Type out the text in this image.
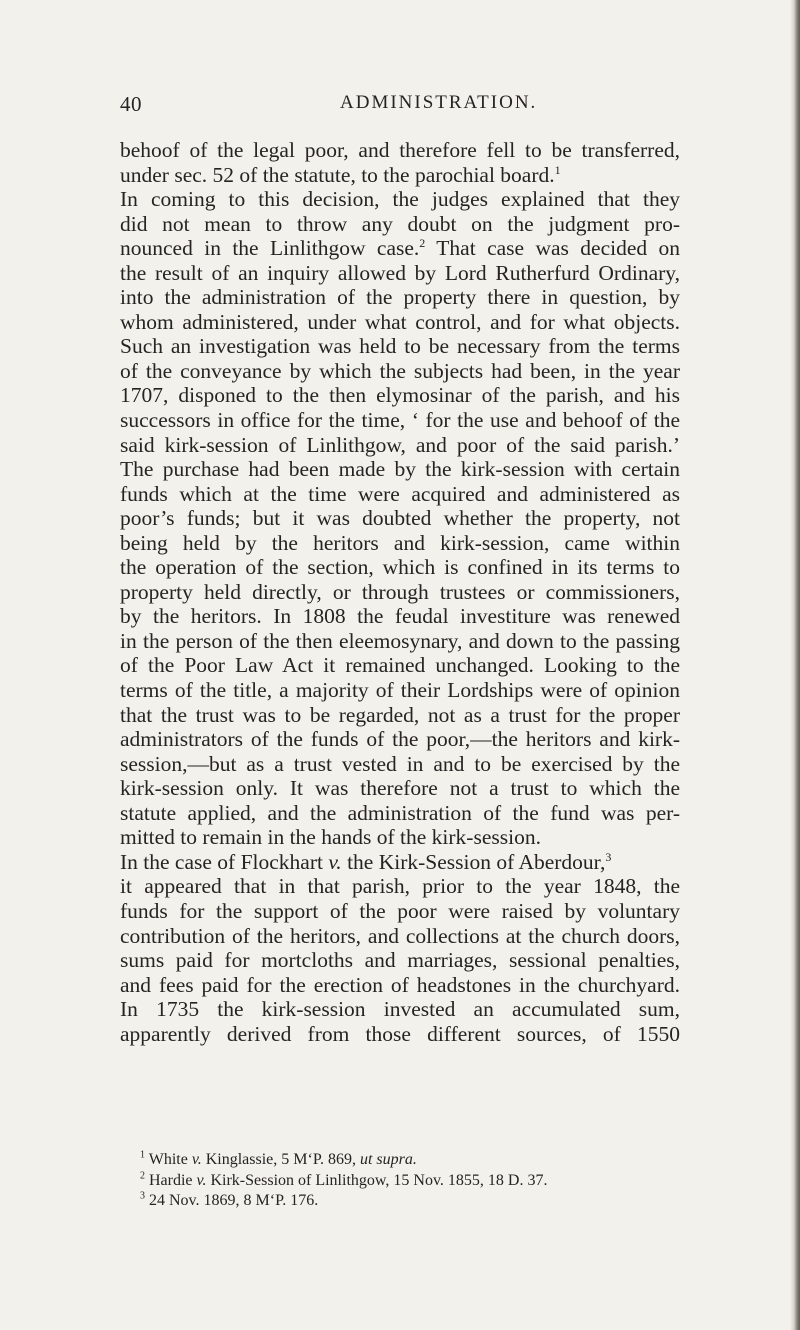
40	ADMINISTRATION.
behoof of the legal poor, and therefore fell to be transferred,
under sec. 52 of the statute, to the parochial board.$^1$
In coming to this decision, the judges explained that they
did not mean to throw any doubt on the judgment pro-
nounced in the Linlithgow case.$^2$ That case was decided on
the result of an inquiry allowed by Lord Rutherfurd Ordinary,
into the administration of the property there in question, by
whom administered, under what control, and for what objects.
Such an investigation was held to be necessary from the terms
of the conveyance by which the subjects had been, in the year
1707, disponed to the then elymosinar of the parish, and his
successors in office for the time, ‘ for the use and behoof of the
said kirk-session of Linlithgow, and poor of the said parish.’
The purchase had been made by the kirk-session with certain
funds which at the time were acquired and administered as
poor’s funds; but it was doubted whether the property, not
being held by the heritors and kirk-session, came within
the operation of the section, which is confined in its terms to
property held directly, or through trustees or commissioners,
by the heritors. In 1808 the feudal investiture was renewed
in the person of the then eleemosynary, and down to the passing
of the Poor Law Act it remained unchanged. Looking to the
terms of the title, a majority of their Lordships were of opinion
that the trust was to be regarded, not as a trust for the proper
administrators of the funds of the poor,—the heritors and kirk-
session,—but as a trust vested in and to be exercised by the
kirk-session only. It was therefore not a trust to which the
statute applied, and the administration of the fund was per-
mitted to remain in the hands of the kirk-session.
In the case of Flockhart v. the Kirk-Session of Aberdour,$^3$
it appeared that in that parish, prior to the year 1848, the
funds for the support of the poor were raised by voluntary
contribution of the heritors, and collections at the church doors,
sums paid for mortcloths and marriages, sessional penalties,
and fees paid for the erection of headstones in the churchyard.
In 1735 the kirk-session invested an accumulated sum,
apparently derived from those different sources, of 1550
$^1$ White v. Kinglassie, 5 M‘P. 869, ut supra.
$^2$ Hardie v. Kirk-Session of Linlithgow, 15 Nov. 1855, 18 D. 37.
$^3$ 24 Nov. 1869, 8 M‘P. 176.
